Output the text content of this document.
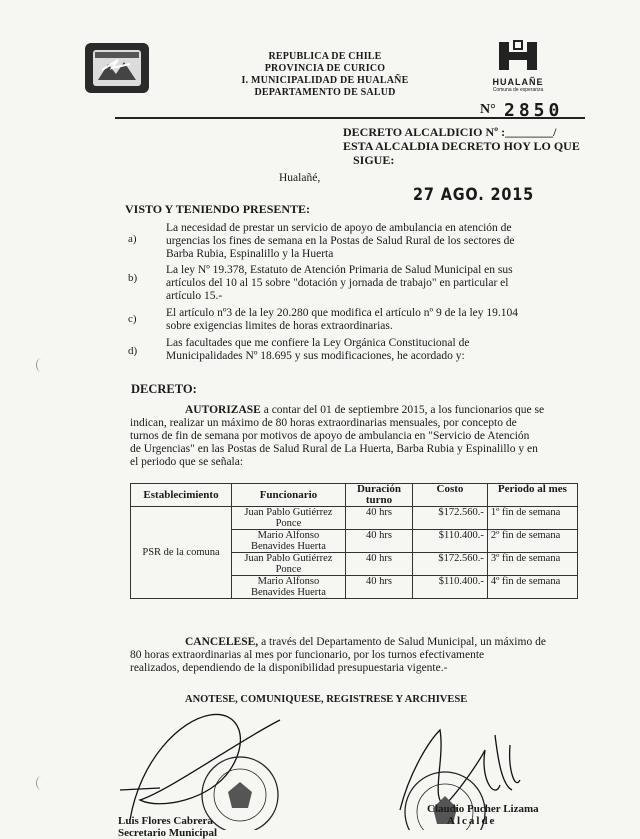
REPUBLICA DE CHILE
PROVINCIA DE CURICO
I. MUNICIPALIDAD DE HUALAÑE
DEPARTAMENTO DE SALUD
HUALAÑE
Comuna de esperanza
N° 2850
DECRETO ALCALDICIO Nº :________/
ESTA ALCALDIA DECRETO HOY LO QUE
SIGUE:
Hualañé,
27 AGO. 2015
VISTO Y TENIENDO PRESENTE:
a)
La necesidad de prestar un servicio de apoyo de ambulancia en atención de
urgencias los fines de semana en la Postas de Salud Rural de los sectores de
Barba Rubia, Espinalillo y la Huerta
b)
La ley Nº 19.378, Estatuto de Atención Primaria de Salud Municipal en sus
artículos del 10 al 15 sobre "dotación y jornada de trabajo" en particular el
artículo 15.-
c)	El artículo nº3 de la ley 20.280 que modifica el artículo nº 9 de la ley 19.104
sobre exigencias limites de horas extraordinarias.
d)
Las facultades que me confiere la Ley Orgánica Constitucional de
Municipalidades Nº 18.695 y sus modificaciones, he acordado y:
DECRETO:
AUTORIZASE a contar del 01 de septiembre 2015, a los funcionarios que se
indican, realizar un máximo de 80 horas extraordinarias mensuales, por concepto de
turnos de fin de semana por motivos de apoyo de ambulancia en "Servicio de Atención
de Urgencias" en las Postas de Salud Rural de La Huerta, Barba Rubia y Espinalillo y en
el periodo que se señala:
Establecimiento	Funcionario	Duración turno	Costo	Periodo al mes
PSR de la comuna	Juan Pablo Gutiérrez Ponce	40 hrs	$172.560.-	1º fin de semana
	Mario Alfonso Benavides Huerta	40 hrs	$110.400.-	2º fin de semana
	Juan Pablo Gutiérrez Ponce	40 hrs	$172.560.-	3º fin de semana
	Mario Alfonso Benavides Huerta	40 hrs	$110.400.-	4º fin de semana
CANCELESE, a través del Departamento de Salud Municipal, un máximo de
80 horas extraordinarias al mes por funcionario, por los turnos efectivamente
realizados, dependiendo de la disponibilidad presupuestaria vigente.-
ANOTESE, COMUNIQUESE, REGISTRESE Y ARCHIVESE
Luis Flores Cabrera
Secretario Municipal
Claudio Pucher Lizama
Alcalde
